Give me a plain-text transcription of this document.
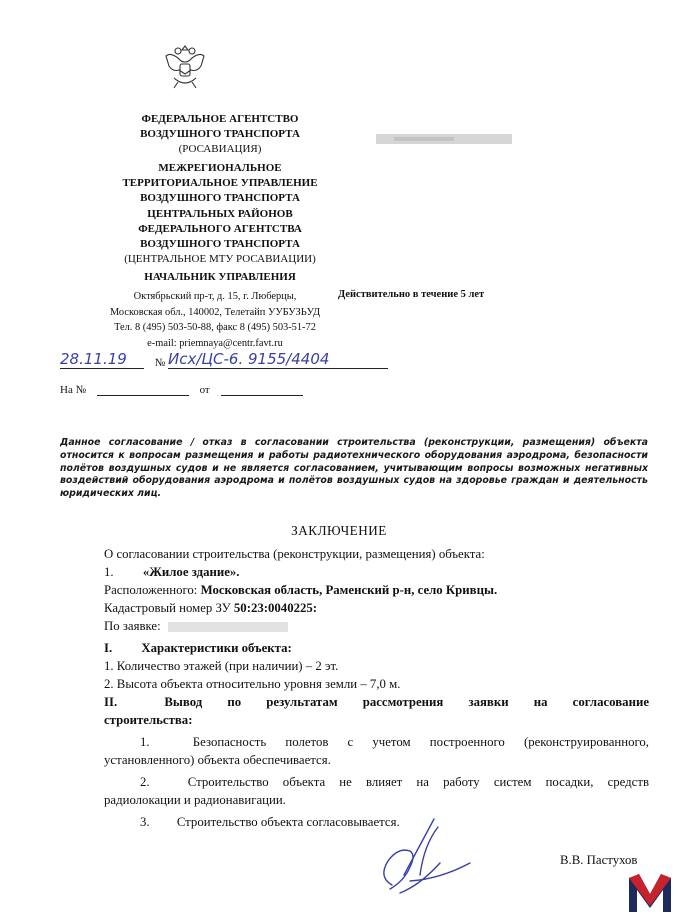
ФЕДЕРАЛЬНОЕ АГЕНТСТВО
ВОЗДУШНОГО ТРАНСПОРТА
(РОСАВИАЦИЯ)
МЕЖРЕГИОНАЛЬНОЕ
ТЕРРИТОРИАЛЬНОЕ УПРАВЛЕНИЕ
ВОЗДУШНОГО ТРАНСПОРТА
ЦЕНТРАЛЬНЫХ РАЙОНОВ
ФЕДЕРАЛЬНОГО АГЕНТСТВА
ВОЗДУШНОГО ТРАНСПОРТА
(ЦЕНТРАЛЬНОЕ МТУ РОСАВИАЦИИ)
НАЧАЛЬНИК УПРАВЛЕНИЯ
Октябрьский пр-т, д. 15, г. Люберцы,
Московская обл., 140002, Телетайп УУБУЗЬУД
Тел. 8 (495) 503-50-88, факс 8 (495) 503-51-72
e-mail: priemnaya@centr.favt.ru
Действительно в течение 5 лет
28.11.19	№ Исх/ЦС-6. 9155/4404
На №	от
Данное согласование / отказ в согласовании строительства (реконструкции, размещения) объекта относится к вопросам размещения и работы радиотехнического оборудования аэродрома, безопасности полётов воздушных судов и не является согласованием, учитывающим вопросы возможных негативных воздействий оборудования аэродрома и полётов воздушных судов на здоровье граждан и деятельность юридических лиц.
ЗАКЛЮЧЕНИЕ

О согласовании строительства (реконструкции, размещения) объекта:

1. «Жилое здание».

Расположенного: Московская область, Раменский р-н, село Кривцы.

Кадастровый номер ЗУ 50:23:0040225:

По заявке:

I. Характеристики объекта:

1. Количество этажей (при наличии) – 2 эт.

2. Высота объекта относительно уровня земли – 7,0 м.

II.	Вывод по результатам рассмотрения заявки на согласование

строительства:

1.	Безопасность полетов с учетом построенного (реконструированного,

установленного) объекта обеспечивается.

2.	Строительство объекта не влияет на работу систем посадки, средств

радиолокации и радионавигации.

3. Строительство объекта согласовывается.

В.В. Пастухов
